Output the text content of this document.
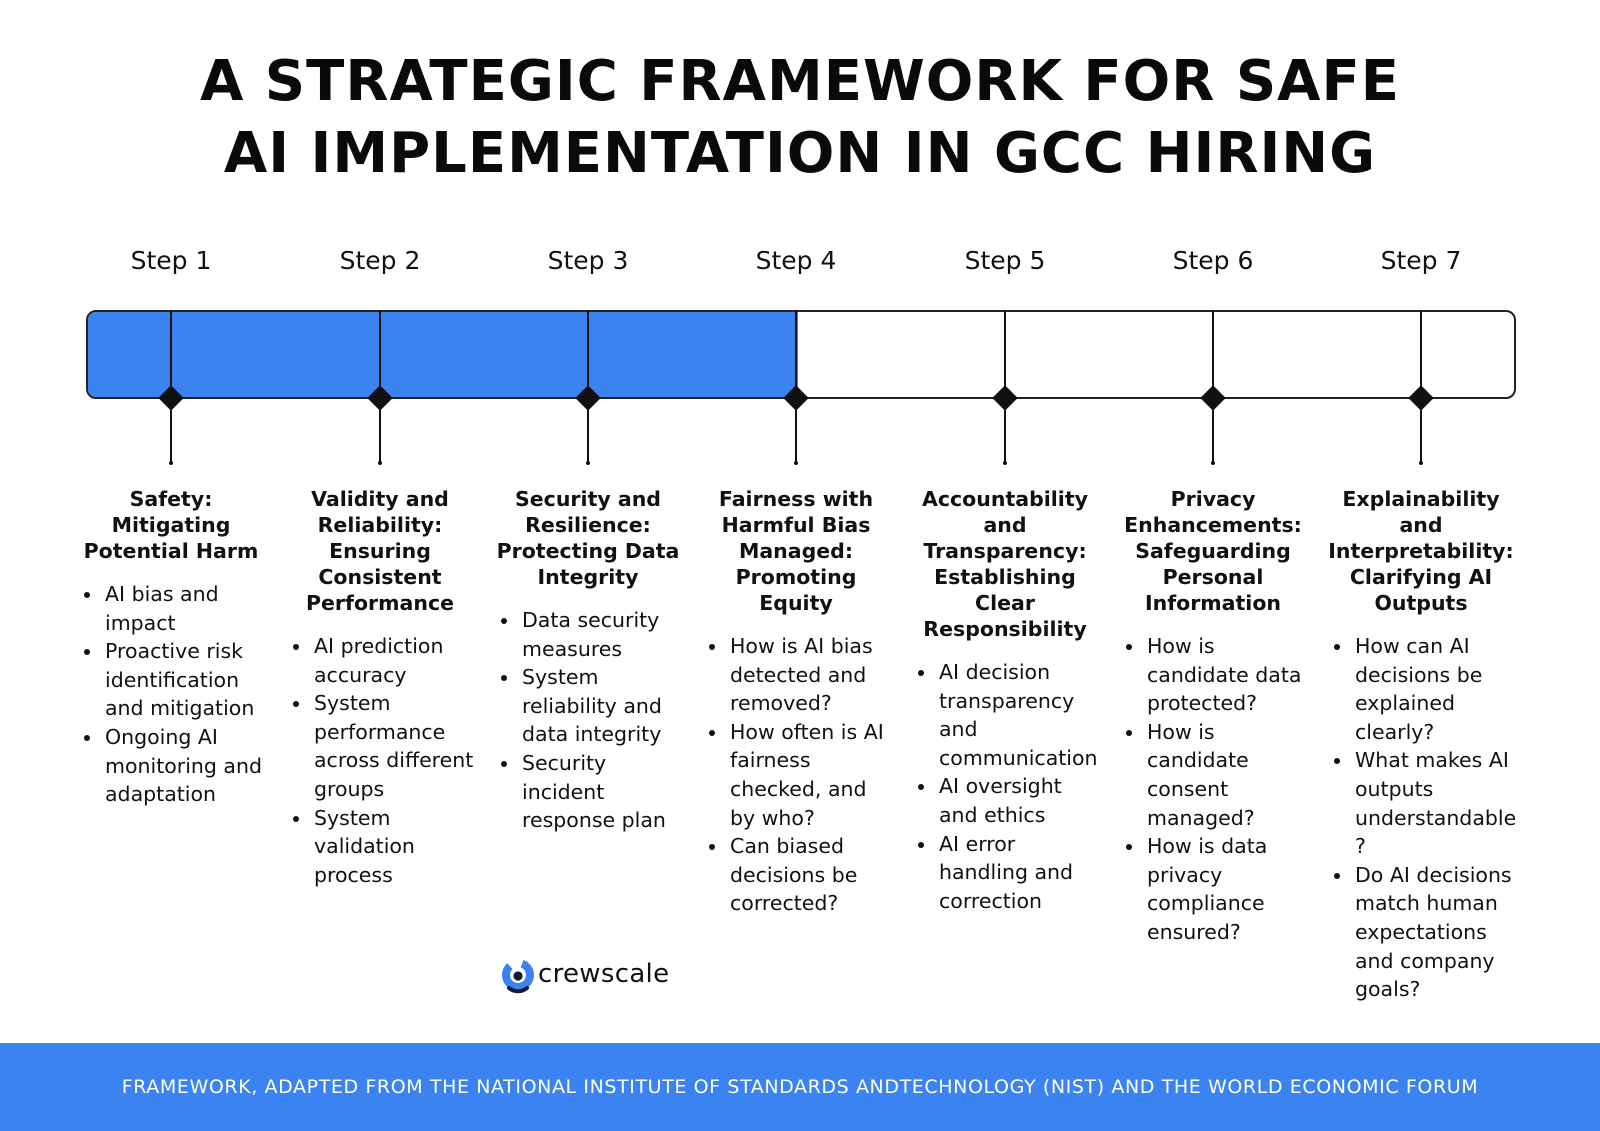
A STRATEGIC FRAMEWORK FOR SAFE
AI IMPLEMENTATION IN GCC HIRING
Step 1	Step 2	Step 3	Step 4	Step 5	Step 6	Step 7
Safety: Mitigating Potential Harm
AI bias and impact
Proactive risk identification and mitigation
Ongoing AI monitoring and adaptation
Validity and Reliability: Ensuring Consistent Performance
AI prediction accuracy
System performance across different groups
System validation process
Security and Resilience: Protecting Data Integrity
Data security measures
System reliability and data integrity
Security incident response plan
Fairness with Harmful Bias Managed: Promoting Equity
How is AI bias detected and removed?
How often is AI fairness checked, and by who?
Can biased decisions be corrected?
Accountability and Transparency: Establishing Clear Responsibility
AI decision transparency and communication
AI oversight and ethics
AI error handling and correction
Privacy Enhancements: Safeguarding Personal Information
How is candidate data protected?
How is candidate consent managed?
How is data privacy compliance ensured?
Explainability and Interpretability: Clarifying AI Outputs
How can AI decisions be explained clearly?
What makes AI outputs understandable?
Do AI decisions match human expectations and company goals?
crewscale
FRAMEWORK, ADAPTED FROM THE NATIONAL INSTITUTE OF STANDARDS ANDTECHNOLOGY (NIST) AND THE WORLD ECONOMIC FORUM
